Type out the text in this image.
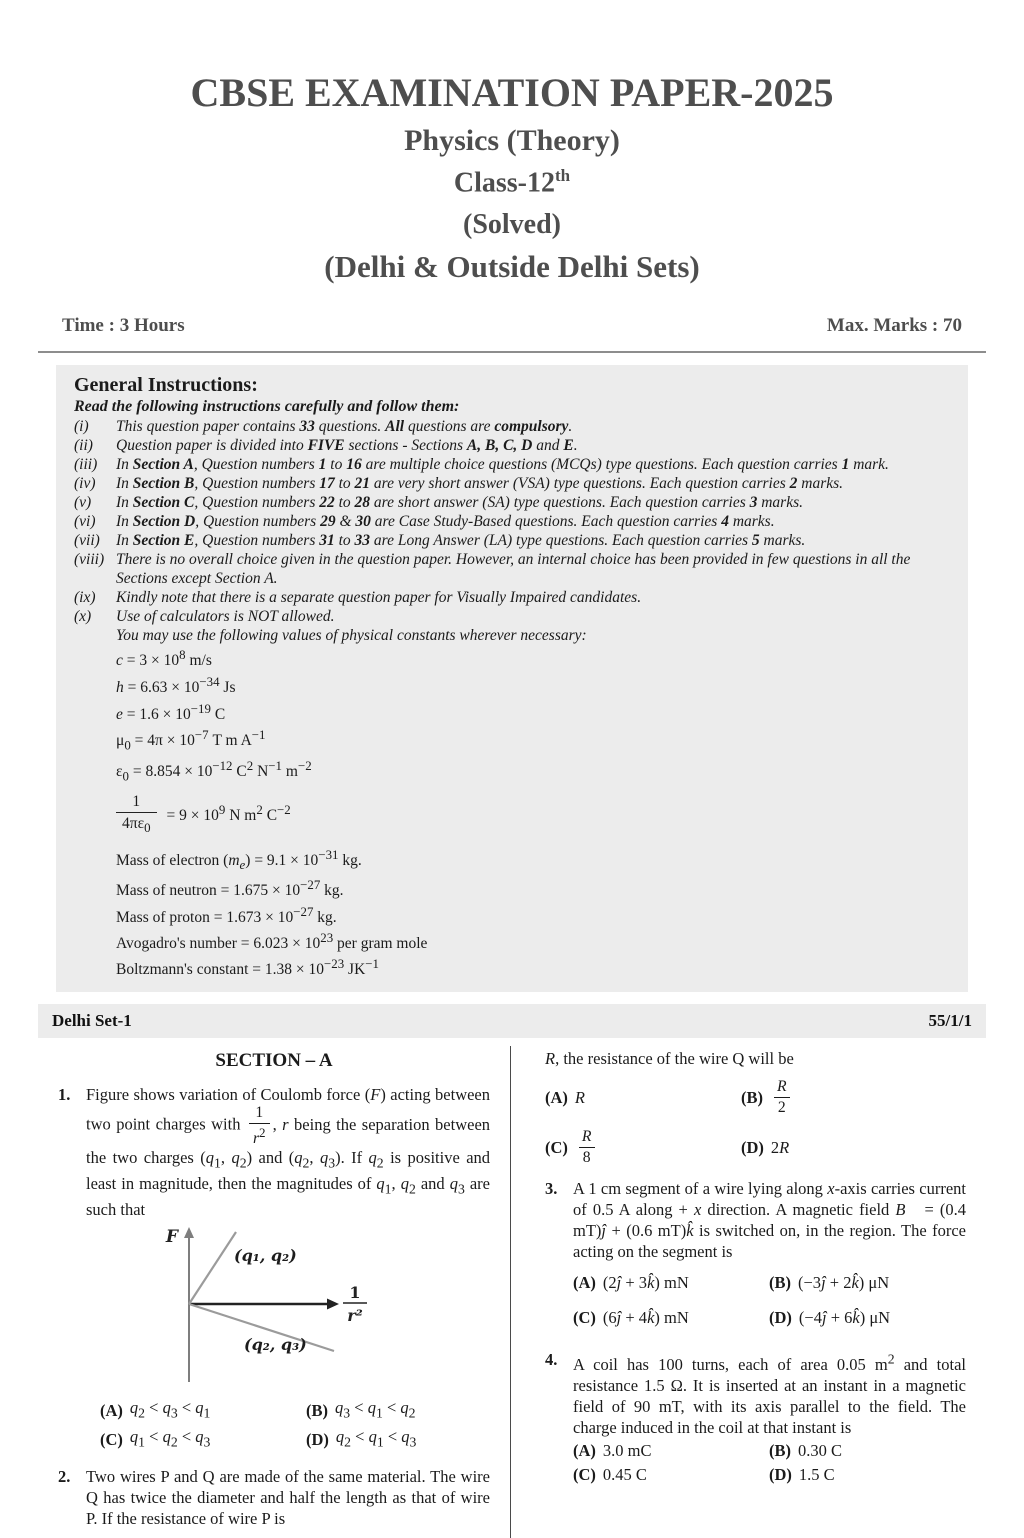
CBSE EXAMINATION PAPER-2025
Physics (Theory)
Class-12th
(Solved)
(Delhi & Outside Delhi Sets)
Time : 3 Hours	Max. Marks : 70
General Instructions:
Read the following instructions carefully and follow them:
(i)	This question paper contains 33 questions. All questions are compulsory.
(ii)	Question paper is divided into FIVE sections - Sections A, B, C, D and E.
(iii)	In Section A, Question numbers 1 to 16 are multiple choice questions (MCQs) type questions. Each question carries 1 mark.
(iv)	In Section B, Question numbers 17 to 21 are very short answer (VSA) type questions. Each question carries 2 marks.
(v)	In Section C, Question numbers 22 to 28 are short answer (SA) type questions. Each question carries 3 marks.
(vi)	In Section D, Question numbers 29 & 30 are Case Study-Based questions. Each question carries 4 marks.
(vii)	In Section E, Question numbers 31 to 33 are Long Answer (LA) type questions. Each question carries 5 marks.
(viii) There is no overall choice given in the question paper. However, an internal choice has been provided in few questions in all the Sections except Section A.
(ix)	Kindly note that there is a separate question paper for Visually Impaired candidates.
(x)	Use of calculators is NOT allowed.
You may use the following values of physical constants wherever necessary:
$c = 3 \times 10^8$ m/s
$h = 6.63 \times 10^{-34}$ Js
$e = 1.6 \times 10^{-19}$ C
$\mu_0 = 4\pi \times 10^{-7}$ T m $A^{-1}$
$\varepsilon_0 = 8.854 \times 10^{-12}$ $C^2$ $N^{-1}$ $m^{-2}$
$\frac{1}{4\pi\varepsilon_0} = 9 \times 10^9$ N $m^2$ $C^{-2}$
Mass of electron $(m_e) = 9.1 \times 10^{-31}$ kg.
Mass of neutron = $1.675 \times 10^{-27}$ kg.
Mass of proton = $1.673 \times 10^{-27}$ kg.
Avogadro's number = $6.023 \times 10^{23}$ per gram mole
Boltzmann's constant = $1.38 \times 10^{-23}$ $JK^{-1}$
Delhi Set-1	55/1/1
SECTION – A
1. Figure shows variation of Coulomb force (F) acting between two point charges with $\frac{1}{r^2}$ , r being the separation between the two charges ($q_1$, $q_2$) and ($q_2$, $q_3$). If $q_2$ is positive and least in magnitude, then the magnitudes of $q_1$, $q_2$ and $q_3$ are such that
F
1
r²
(q₁, q₂)
(q₂, q₃)
(A) $q_2 < q_3 < q_1$	(B) $q_3 < q_1 < q_2$
(C) $q_1 < q_2 < q_3$	(D) $q_2 < q_1 < q_3$
2. Two wires P and Q are made of the same material. The wire Q has twice the diameter and half the length as that of wire P. If the resistance of wire P is
R, the resistance of the wire Q will be
(A) R	$(B) \frac{R}{2}$
$(C) \frac{R}{8}$	(D) 2R
3. A 1 cm segment of a wire lying along x-axis carries current of 0.5 A along + x direction. A magnetic field B⃗ = (0.4 mT)ĵ + (0.6 mT)k̂ is switched on, in the region. The force acting on the segment is
(A) (2ĵ + 3k̂) mN	(B) (−3ĵ + 2k̂) μN
(C) (6ĵ + 4k̂) mN	(D) (−4ĵ + 6k̂) μN
4. A coil has 100 turns, each of area 0.05 $m^2$ and total resistance 1.5 Ω. It is inserted at an instant in a magnetic field of 90 mT, with its axis parallel to the field. The charge induced in the coil at that instant is
(A) 3.0 mC	(B) 0.30 C
(C) 0.45 C	(D) 1.5 C
